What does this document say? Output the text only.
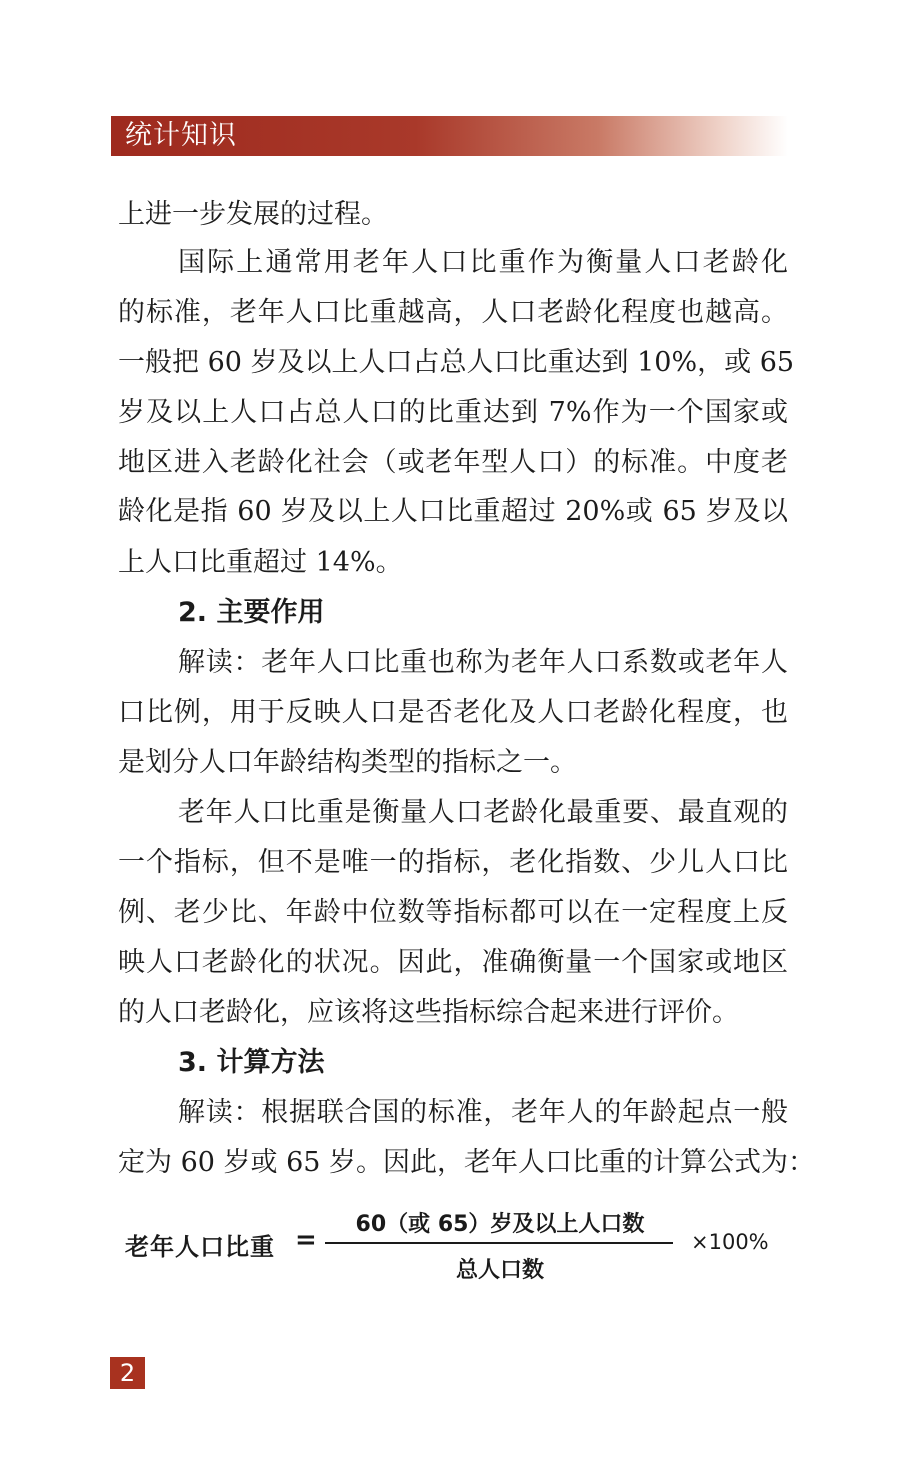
统计知识
上进一步发展的过程。
国际上通常用老年人口比重作为衡量人口老龄化
的标准，老年人口比重越高，人口老龄化程度也越高。
一般把 60 岁及以上人口占总人口比重达到 10%，或 65
岁及以上人口占总人口的比重达到 7%作为一个国家或
地区进入老龄化社会（或老年型人口）的标准。中度老
龄化是指 60 岁及以上人口比重超过 20%或 65 岁及以
上人口比重超过 14%。
2. 主要作用
解读：老年人口比重也称为老年人口系数或老年人
口比例，用于反映人口是否老化及人口老龄化程度，也
是划分人口年龄结构类型的指标之一。
老年人口比重是衡量人口老龄化最重要、最直观的
一个指标，但不是唯一的指标，老化指数、少儿人口比
例、老少比、年龄中位数等指标都可以在一定程度上反
映人口老龄化的状况。因此，准确衡量一个国家或地区
的人口老龄化，应该将这些指标综合起来进行评价。
3. 计算方法
解读：根据联合国的标准，老年人的年龄起点一般
定为 60 岁或 65 岁。因此，老年人口比重的计算公式为：
老年人口比重 =
60（或 65）岁及以上人口数
总人口数
×100%
2
